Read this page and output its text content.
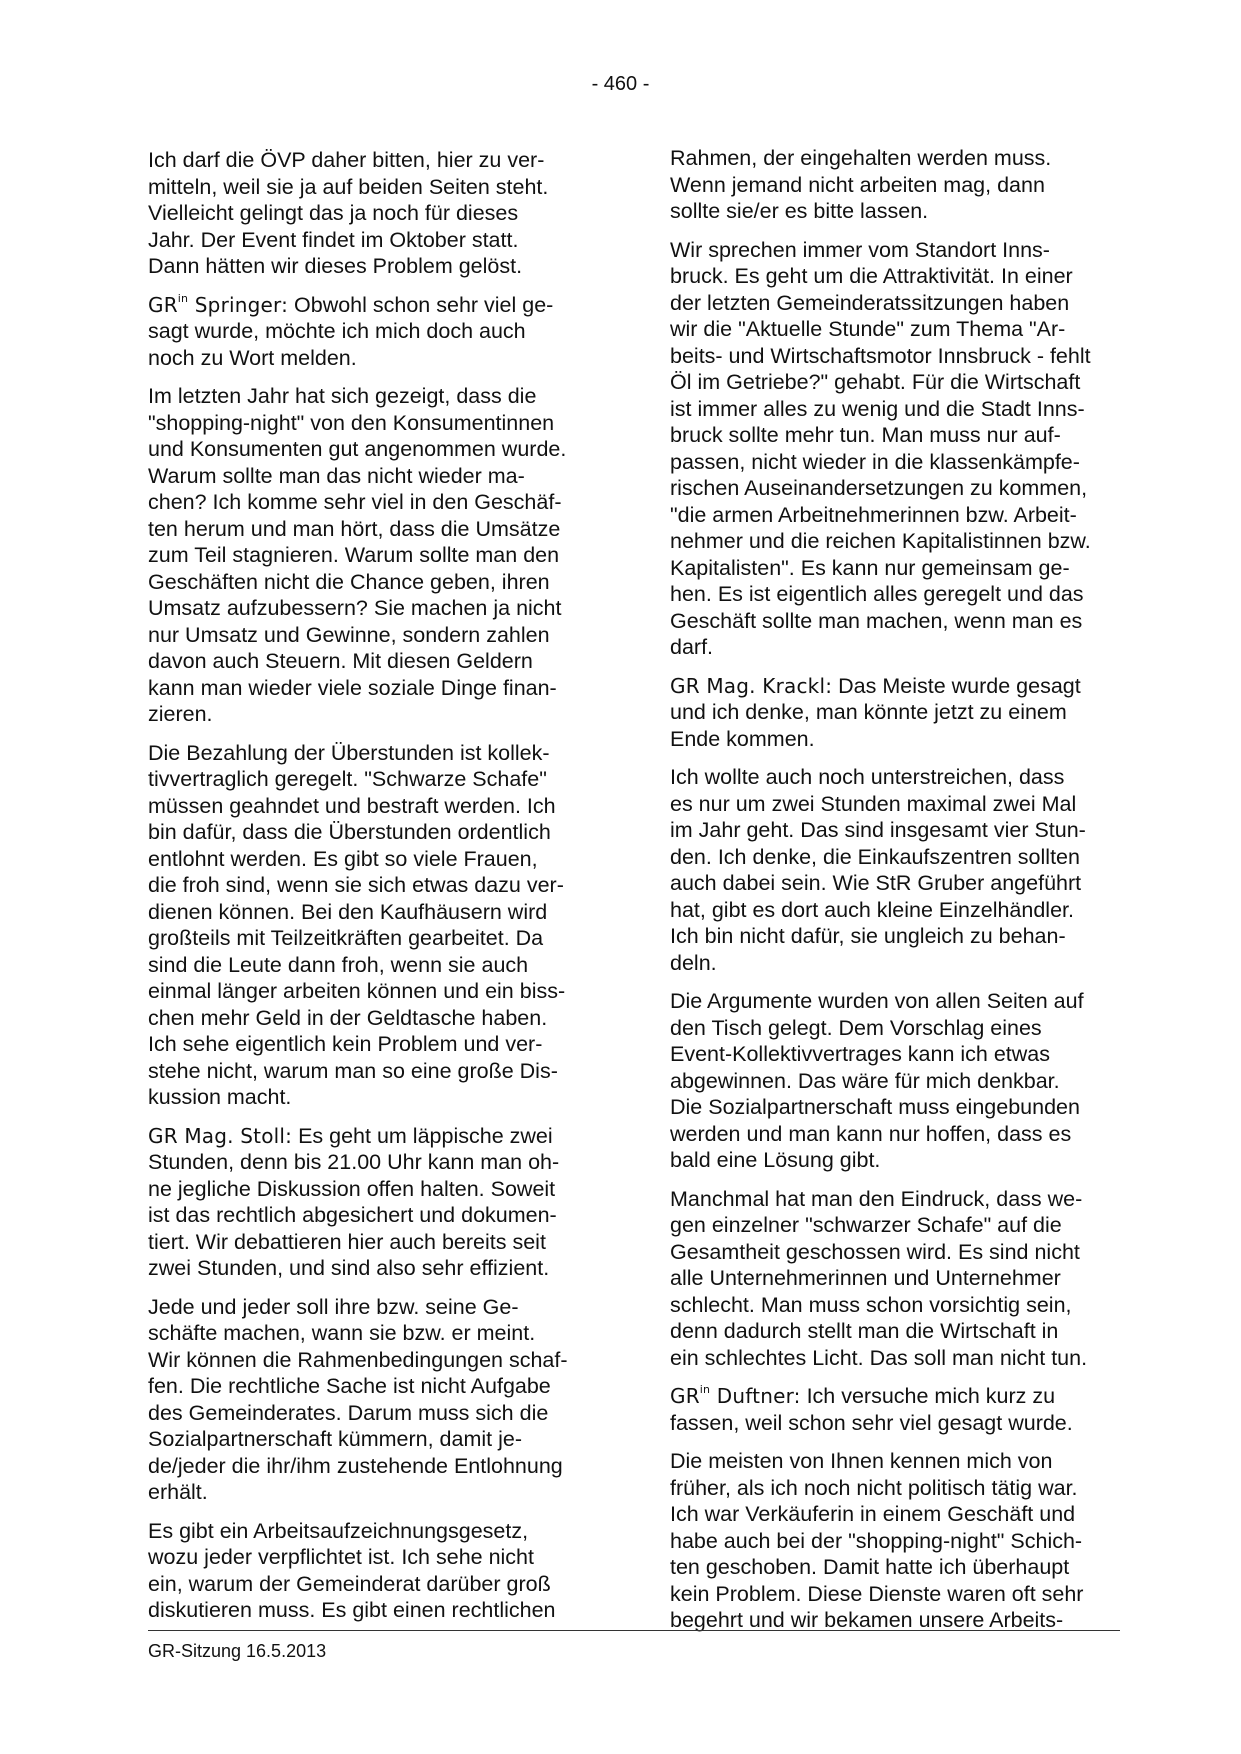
- 460 -

Ich darf die ÖVP daher bitten, hier zu ver-
mitteln, weil sie ja auf beiden Seiten steht.
Vielleicht gelingt das ja noch für dieses
Jahr. Der Event findet im Oktober statt.
Dann hätten wir dieses Problem gelöst.

$GR^{in}$ Springer: Obwohl schon sehr viel ge-
sagt wurde, möchte ich mich doch auch
noch zu Wort melden.

Im letzten Jahr hat sich gezeigt, dass die
"shopping-night" von den Konsumentinnen
und Konsumenten gut angenommen wurde.
Warum sollte man das nicht wieder ma-
chen? Ich komme sehr viel in den Geschäf-
ten herum und man hört, dass die Umsätze
zum Teil stagnieren. Warum sollte man den
Geschäften nicht die Chance geben, ihren
Umsatz aufzubessern? Sie machen ja nicht
nur Umsatz und Gewinne, sondern zahlen
davon auch Steuern. Mit diesen Geldern
kann man wieder viele soziale Dinge finan-
zieren.

Die Bezahlung der Überstunden ist kollek-
tivvertraglich geregelt. "Schwarze Schafe"
müssen geahndet und bestraft werden. Ich
bin dafür, dass die Überstunden ordentlich
entlohnt werden. Es gibt so viele Frauen,
die froh sind, wenn sie sich etwas dazu ver-
dienen können. Bei den Kaufhäusern wird
großteils mit Teilzeitkräften gearbeitet. Da
sind die Leute dann froh, wenn sie auch
einmal länger arbeiten können und ein biss-
chen mehr Geld in der Geldtasche haben.
Ich sehe eigentlich kein Problem und ver-
stehe nicht, warum man so eine große Dis-
kussion macht.

GR Mag. Stoll: Es geht um läppische zwei
Stunden, denn bis 21.00 Uhr kann man oh-
ne jegliche Diskussion offen halten. Soweit
ist das rechtlich abgesichert und dokumen-
tiert. Wir debattieren hier auch bereits seit
zwei Stunden, und sind also sehr effizient.

Jede und jeder soll ihre bzw. seine Ge-
schäfte machen, wann sie bzw. er meint.
Wir können die Rahmenbedingungen schaf-
fen. Die rechtliche Sache ist nicht Aufgabe
des Gemeinderates. Darum muss sich die
Sozialpartnerschaft kümmern, damit je-
de/jeder die ihr/ihm zustehende Entlohnung
erhält.

Es gibt ein Arbeitsaufzeichnungsgesetz,
wozu jeder verpflichtet ist. Ich sehe nicht
ein, warum der Gemeinderat darüber groß
diskutieren muss. Es gibt einen rechtlichen

Rahmen, der eingehalten werden muss.
Wenn jemand nicht arbeiten mag, dann
sollte sie/er es bitte lassen.

Wir sprechen immer vom Standort Inns-
bruck. Es geht um die Attraktivität. In einer
der letzten Gemeinderatssitzungen haben
wir die "Aktuelle Stunde" zum Thema "Ar-
beits- und Wirtschaftsmotor Innsbruck - fehlt
Öl im Getriebe?" gehabt. Für die Wirtschaft
ist immer alles zu wenig und die Stadt Inns-
bruck sollte mehr tun. Man muss nur auf-
passen, nicht wieder in die klassenkämpfe-
rischen Auseinandersetzungen zu kommen,
"die armen Arbeitnehmerinnen bzw. Arbeit-
nehmer und die reichen Kapitalistinnen bzw.
Kapitalisten". Es kann nur gemeinsam ge-
hen. Es ist eigentlich alles geregelt und das
Geschäft sollte man machen, wenn man es
darf.

GR Mag. Krackl: Das Meiste wurde gesagt
und ich denke, man könnte jetzt zu einem
Ende kommen.

Ich wollte auch noch unterstreichen, dass
es nur um zwei Stunden maximal zwei Mal
im Jahr geht. Das sind insgesamt vier Stun-
den. Ich denke, die Einkaufszentren sollten
auch dabei sein. Wie StR Gruber angeführt
hat, gibt es dort auch kleine Einzelhändler.
Ich bin nicht dafür, sie ungleich zu behan-
deln.

Die Argumente wurden von allen Seiten auf
den Tisch gelegt. Dem Vorschlag eines
Event-Kollektivvertrages kann ich etwas
abgewinnen. Das wäre für mich denkbar.
Die Sozialpartnerschaft muss eingebunden
werden und man kann nur hoffen, dass es
bald eine Lösung gibt.

Manchmal hat man den Eindruck, dass we-
gen einzelner "schwarzer Schafe" auf die
Gesamtheit geschossen wird. Es sind nicht
alle Unternehmerinnen und Unternehmer
schlecht. Man muss schon vorsichtig sein,
denn dadurch stellt man die Wirtschaft in
ein schlechtes Licht. Das soll man nicht tun.

$GR^{in}$ Duftner: Ich versuche mich kurz zu
fassen, weil schon sehr viel gesagt wurde.

Die meisten von Ihnen kennen mich von
früher, als ich noch nicht politisch tätig war.
Ich war Verkäuferin in einem Geschäft und
habe auch bei der "shopping-night" Schich-
ten geschoben. Damit hatte ich überhaupt
kein Problem. Diese Dienste waren oft sehr
begehrt und wir bekamen unsere Arbeits-

GR-Sitzung 16.5.2013
